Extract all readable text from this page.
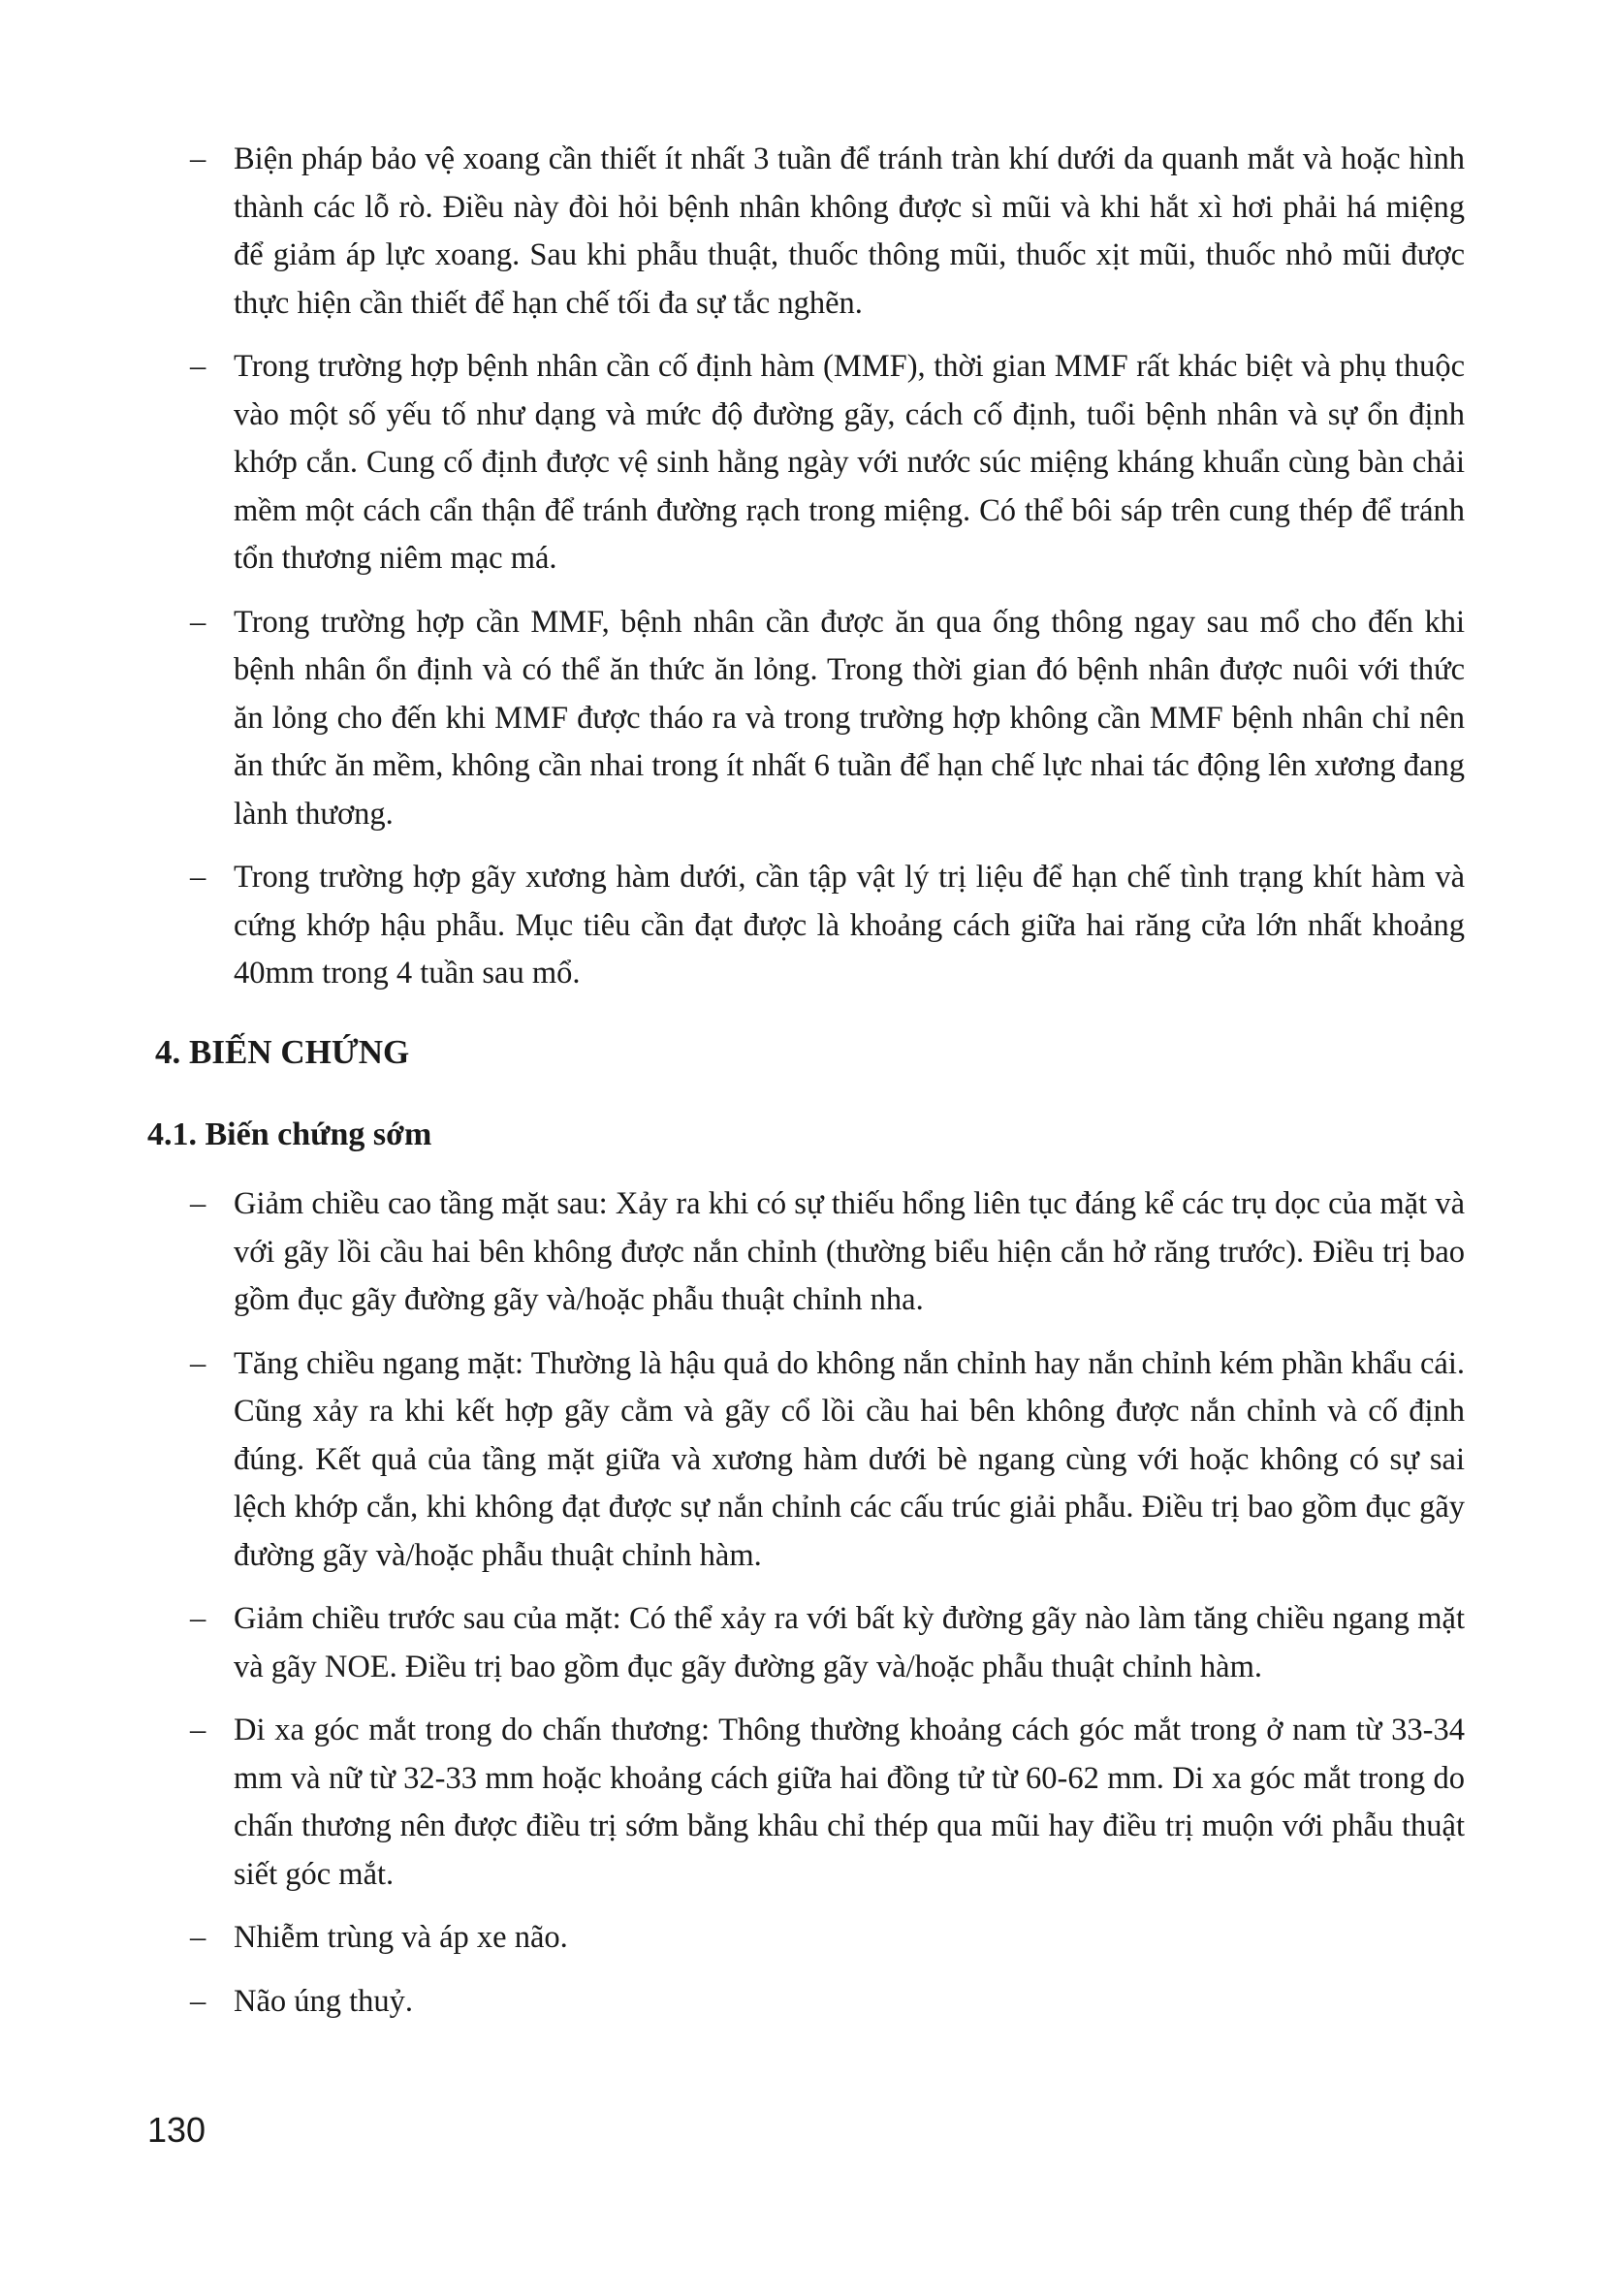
– Biện pháp bảo vệ xoang cần thiết ít nhất 3 tuần để tránh tràn khí dưới da quanh mắt và hoặc hình thành các lỗ rò. Điều này đòi hỏi bệnh nhân không được sì mũi và khi hắt xì hơi phải há miệng để giảm áp lực xoang. Sau khi phẫu thuật, thuốc thông mũi, thuốc xịt mũi, thuốc nhỏ mũi được thực hiện cần thiết để hạn chế tối đa sự tắc nghẽn.
– Trong trường hợp bệnh nhân cần cố định hàm (MMF), thời gian MMF rất khác biệt và phụ thuộc vào một số yếu tố như dạng và mức độ đường gãy, cách cố định, tuổi bệnh nhân và sự ổn định khớp cắn. Cung cố định được vệ sinh hằng ngày với nước súc miệng kháng khuẩn cùng bàn chải mềm một cách cẩn thận để tránh đường rạch trong miệng. Có thể bôi sáp trên cung thép để tránh tổn thương niêm mạc má.
– Trong trường hợp cần MMF, bệnh nhân cần được ăn qua ống thông ngay sau mổ cho đến khi bệnh nhân ổn định và có thể ăn thức ăn lỏng. Trong thời gian đó bệnh nhân được nuôi với thức ăn lỏng cho đến khi MMF được tháo ra và trong trường hợp không cần MMF bệnh nhân chỉ nên ăn thức ăn mềm, không cần nhai trong ít nhất 6 tuần để hạn chế lực nhai tác động lên xương đang lành thương.
– Trong trường hợp gãy xương hàm dưới, cần tập vật lý trị liệu để hạn chế tình trạng khít hàm và cứng khớp hậu phẫu. Mục tiêu cần đạt được là khoảng cách giữa hai răng cửa lớn nhất khoảng 40mm trong 4 tuần sau mổ.
4. BIẾN CHỨNG
4.1. Biến chứng sớm
– Giảm chiều cao tầng mặt sau: Xảy ra khi có sự thiếu hổng liên tục đáng kể các trụ dọc của mặt và với gãy lồi cầu hai bên không được nắn chỉnh (thường biểu hiện cắn hở răng trước). Điều trị bao gồm đục gãy đường gãy và/hoặc phẫu thuật chỉnh nha.
– Tăng chiều ngang mặt: Thường là hậu quả do không nắn chỉnh hay nắn chỉnh kém phần khẩu cái. Cũng xảy ra khi kết hợp gãy cằm và gãy cổ lồi cầu hai bên không được nắn chỉnh và cố định đúng. Kết quả của tầng mặt giữa và xương hàm dưới bè ngang cùng với hoặc không có sự sai lệch khớp cắn, khi không đạt được sự nắn chỉnh các cấu trúc giải phẫu. Điều trị bao gồm đục gãy đường gãy và/hoặc phẫu thuật chỉnh hàm.
– Giảm chiều trước sau của mặt: Có thể xảy ra với bất kỳ đường gãy nào làm tăng chiều ngang mặt và gãy NOE. Điều trị bao gồm đục gãy đường gãy và/hoặc phẫu thuật chỉnh hàm.
– Di xa góc mắt trong do chấn thương: Thông thường khoảng cách góc mắt trong ở nam từ 33-34 mm và nữ từ 32-33 mm hoặc khoảng cách giữa hai đồng tử từ 60-62 mm. Di xa góc mắt trong do chấn thương nên được điều trị sớm bằng khâu chỉ thép qua mũi hay điều trị muộn với phẫu thuật siết góc mắt.
– Nhiễm trùng và áp xe não.
– Não úng thuỷ.
130
